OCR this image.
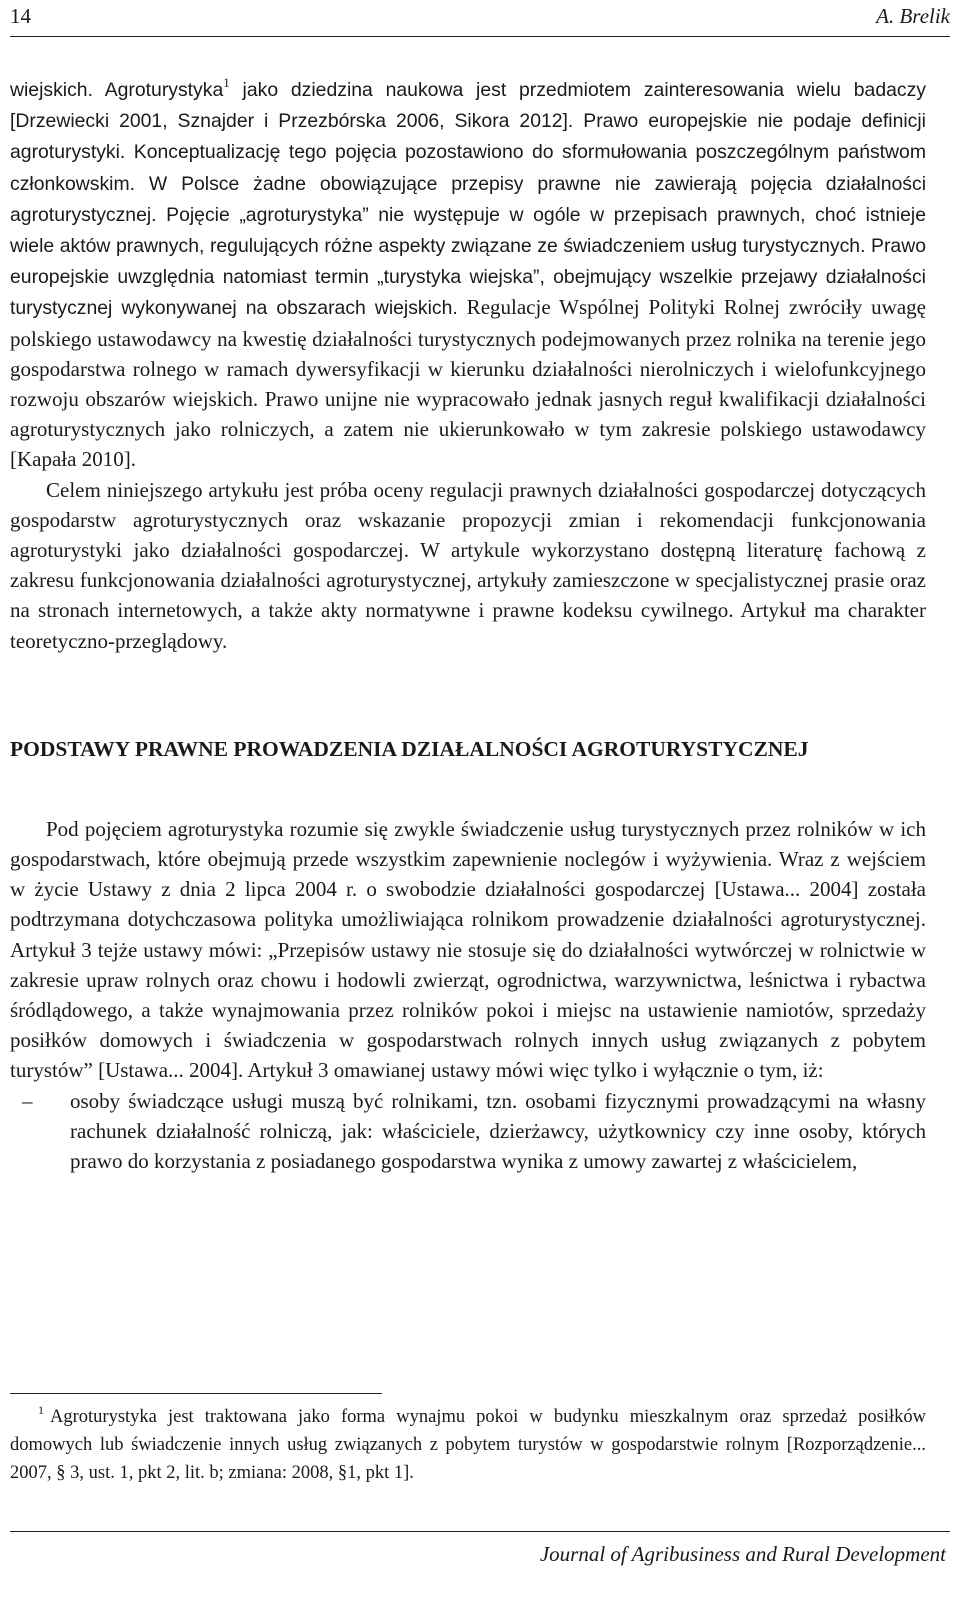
14	A. Brelik

wiejskich. Agroturystyka$^1$ jako dziedzina naukowa jest przedmiotem zainteresowania wielu badaczy [Drzewiecki 2001, Sznajder i Przezbórska 2006, Sikora 2012]. Prawo europejskie nie podaje definicji agroturystyki. Konceptualizację tego pojęcia pozostawiono do sformułowania poszczególnym państwom członkowskim. W Polsce żadne obowiązujące przepisy prawne nie zawierają pojęcia działalności agroturystycznej. Pojęcie „agroturystyka” nie występuje w ogóle w przepisach prawnych, choć istnieje wiele aktów prawnych, regulujących różne aspekty związane ze świadczeniem usług turystycznych. Prawo europejskie uwzględnia natomiast termin „turystyka wiejska”, obejmujący wszelkie przejawy działalności turystycznej wykonywanej na obszarach wiejskich. Regulacje Wspólnej Polityki Rolnej zwróciły uwagę polskiego ustawodawcy na kwestię działalności turystycznych podejmowanych przez rolnika na terenie jego gospodarstwa rolnego w ramach dywersyfikacji w kierunku działalności nierolniczych i wielofunkcyjnego rozwoju obszarów wiejskich. Prawo unijne nie wypracowało jednak jasnych reguł kwalifikacji działalności agroturystycznych jako rolniczych, a zatem nie ukierunkowało w tym zakresie polskiego ustawodawcy [Kapała 2010].

Celem niniejszego artykułu jest próba oceny regulacji prawnych działalności gospodarczej dotyczących gospodarstw agroturystycznych oraz wskazanie propozycji zmian i rekomendacji funkcjonowania agroturystyki jako działalności gospodarczej. W artykule wykorzystano dostępną literaturę fachową z zakresu funkcjonowania działalności agroturystycznej, artykuły zamieszczone w specjalistycznej prasie oraz na stronach internetowych, a także akty normatywne i prawne kodeksu cywilnego. Artykuł ma charakter teoretyczno-przeglądowy.

PODSTAWY PRAWNE PROWADZENIA DZIAŁALNOŚCI AGROTURYSTYCZNEJ

Pod pojęciem agroturystyka rozumie się zwykle świadczenie usług turystycznych przez rolników w ich gospodarstwach, które obejmują przede wszystkim zapewnienie noclegów i wyżywienia. Wraz z wejściem w życie Ustawy z dnia 2 lipca 2004 r. o swobodzie działalności gospodarczej [Ustawa... 2004] została podtrzymana dotychczasowa polityka umożliwiająca rolnikom prowadzenie działalności agroturystycznej. Artykuł 3 tejże ustawy mówi: „Przepisów ustawy nie stosuje się do działalności wytwórczej w rolnictwie w zakresie upraw rolnych oraz chowu i hodowli zwierząt, ogrodnictwa, warzywnictwa, leśnictwa i rybactwa śródlądowego, a także wynajmowania przez rolników pokoi i miejsc na ustawienie namiotów, sprzedaży posiłków domowych i świadczenia w gospodarstwach rolnych innych usług związanych z pobytem turystów” [Ustawa... 2004]. Artykuł 3 omawianej ustawy mówi więc tylko i wyłącznie o tym, iż:

– osoby świadczące usługi muszą być rolnikami, tzn. osobami fizycznymi prowadzącymi na własny rachunek działalność rolniczą, jak: właściciele, dzierżawcy, użytkownicy czy inne osoby, których prawo do korzystania z posiadanego gospodarstwa wynika z umowy zawartej z właścicielem,
$^1$ Agroturystyka jest traktowana jako forma wynajmu pokoi w budynku mieszkalnym oraz sprzedaż posiłków domowych lub świadczenie innych usług związanych z pobytem turystów w gospodarstwie rolnym [Rozporządzenie... 2007, § 3, ust. 1, pkt 2, lit. b; zmiana: 2008, §1, pkt 1].
Journal of Agribusiness and Rural Development
